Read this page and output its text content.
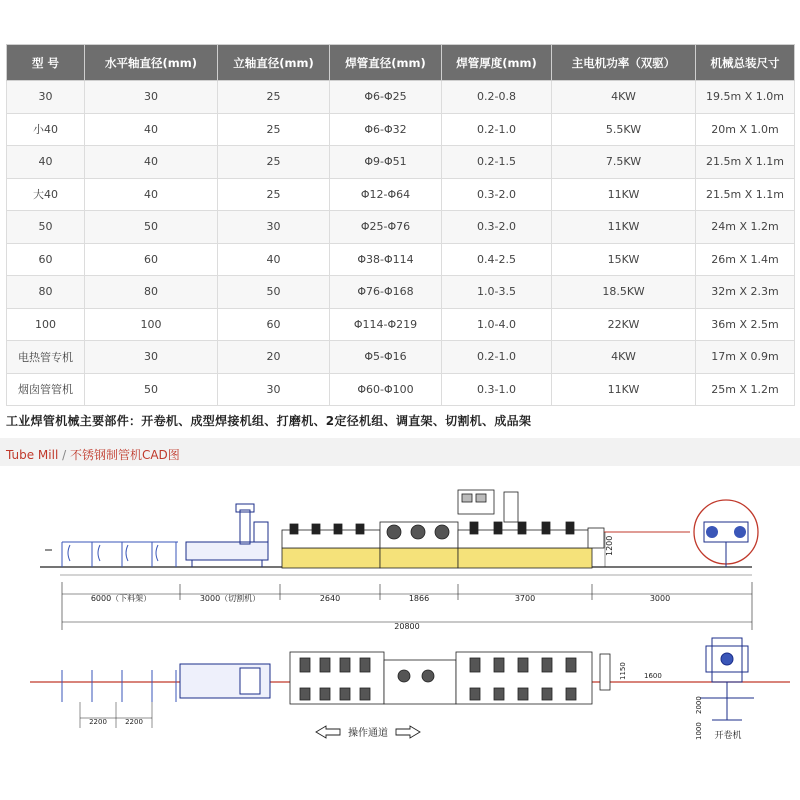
型 号	水平轴直径(mm)	立轴直径(mm)	焊管直径(mm)	焊管厚度(mm)	主电机功率（双驱）	机械总装尺寸
30	30	25	Φ6-Φ25	0.2-0.8	4KW	19.5m X 1.0m
小40	40	25	Φ6-Φ32	0.2-1.0	5.5KW	20m X 1.0m
40	40	25	Φ9-Φ51	0.2-1.5	7.5KW	21.5m X 1.1m
大40	40	25	Φ12-Φ64	0.3-2.0	11KW	21.5m X 1.1m
50	50	30	Φ25-Φ76	0.3-2.0	11KW	24m X 1.2m
60	60	40	Φ38-Φ114	0.4-2.5	15KW	26m X 1.4m
80	80	50	Φ76-Φ168	1.0-3.5	18.5KW	32m X 2.3m
100	100	60	Φ114-Φ219	1.0-4.0	22KW	36m X 2.5m
电热管专机	30	20	Φ5-Φ16	0.2-1.0	4KW	17m X 0.9m
烟囱管管机	50	30	Φ60-Φ100	0.3-1.0	11KW	25m X 1.2m
工业焊管机械主要部件：开卷机、成型焊接机组、打磨机、2定径机组、调直架、切割机、成品架
Tube Mill / 不锈钢制管机CAD图
1200
6000（下料架）	3000（切割机）	2640	1866	3700	3000
20800
1150 1600
2200	2200
操作通道
2000
1000 开卷机
